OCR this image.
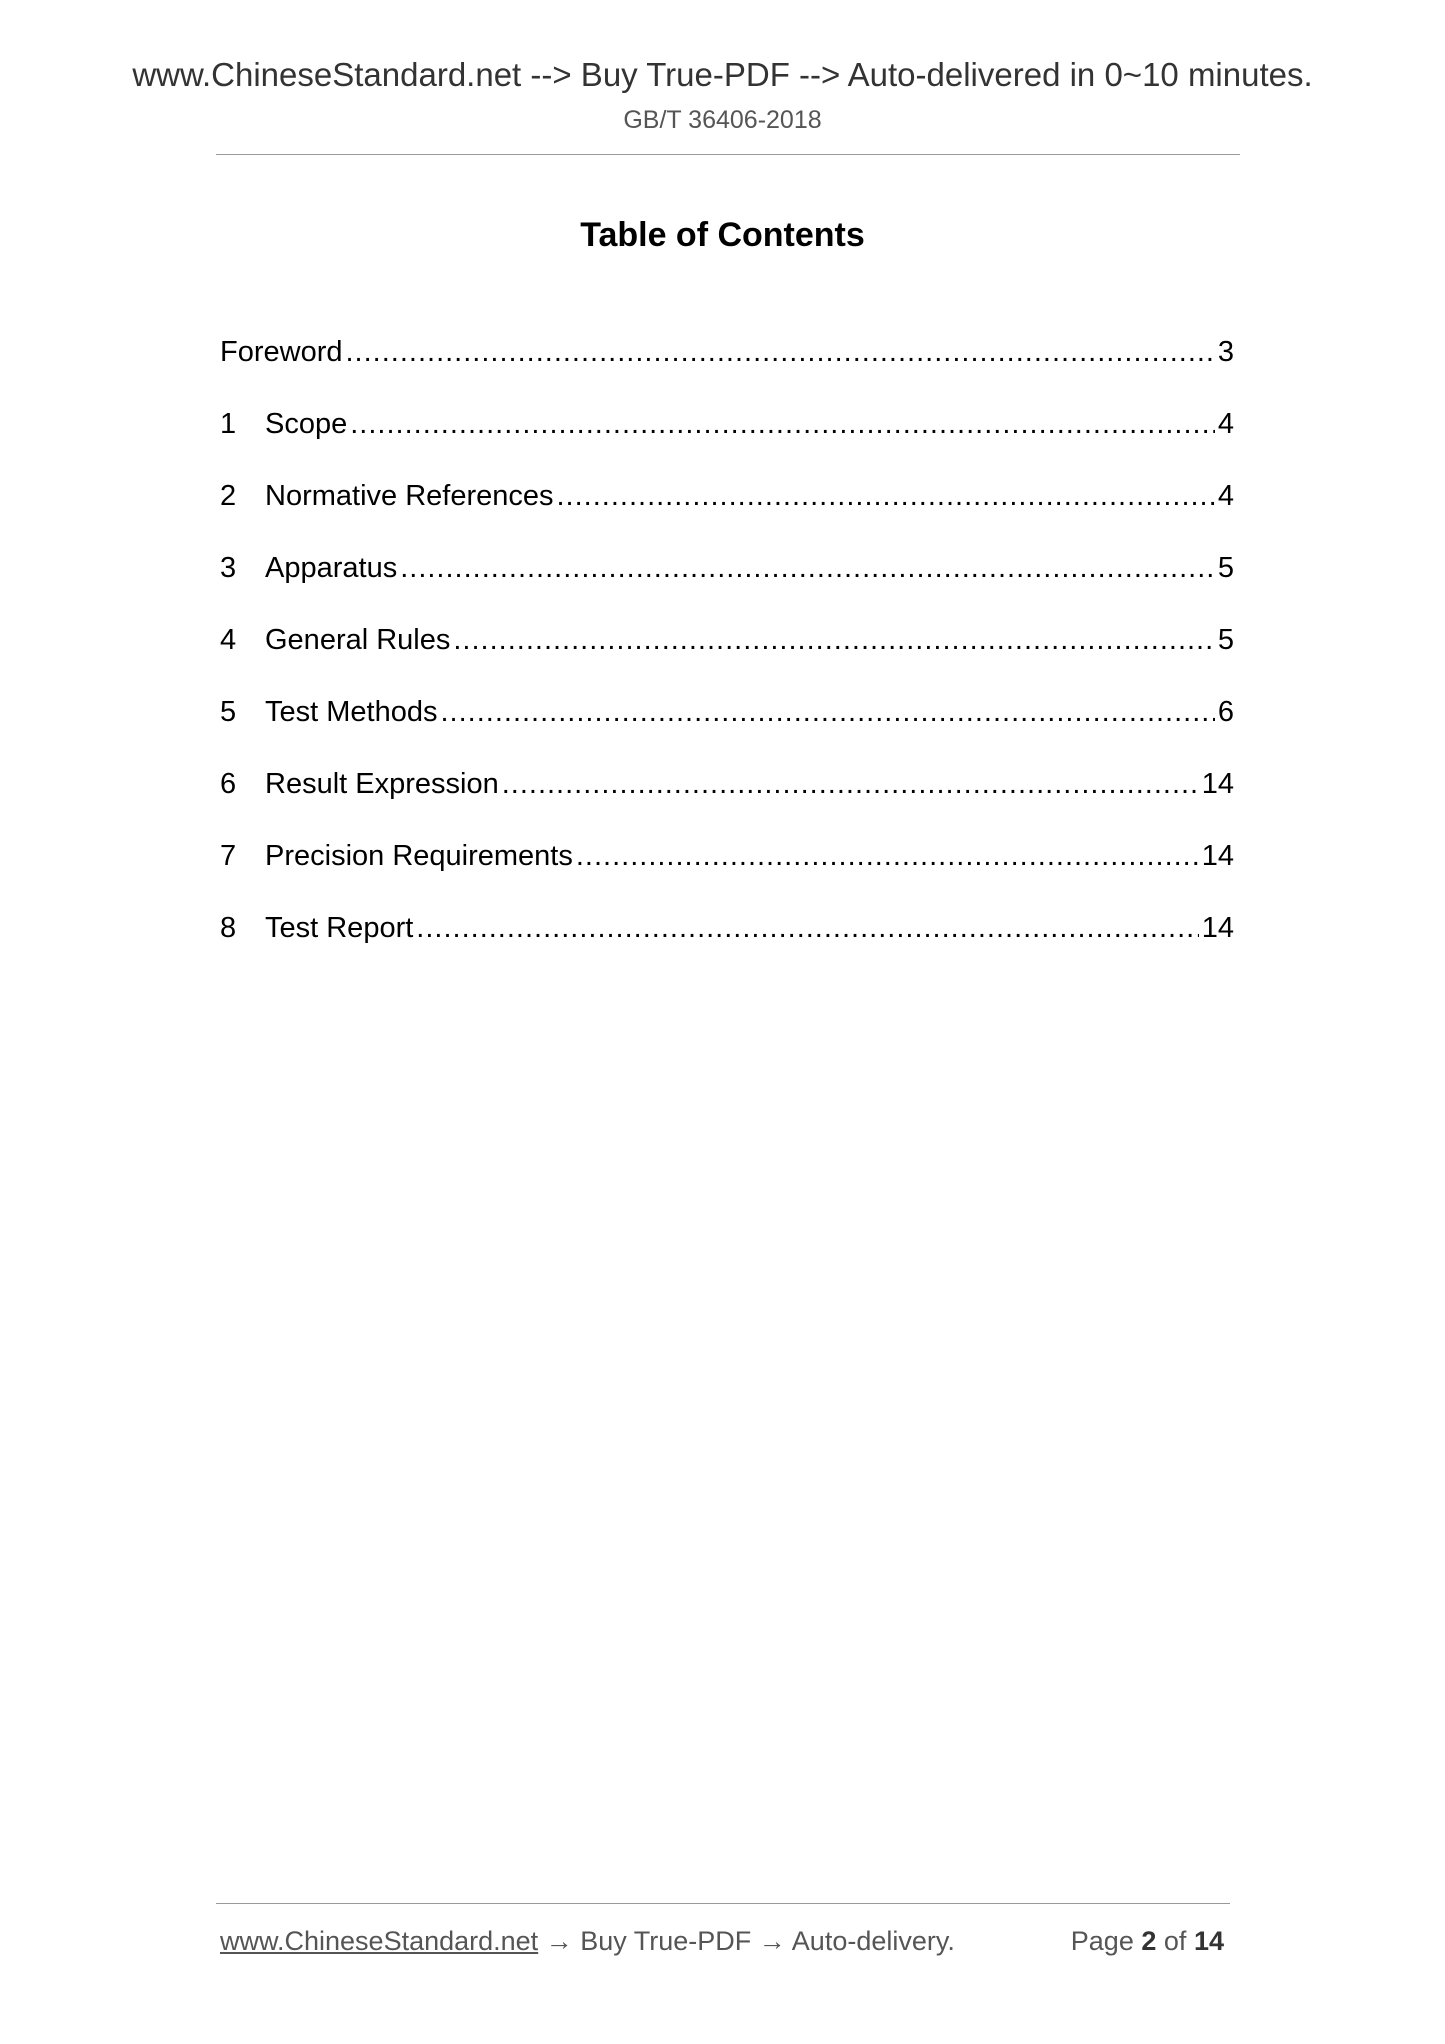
www.ChineseStandard.net --> Buy True-PDF --> Auto-delivered in 0~10 minutes.
GB/T 36406-2018
Table of Contents
Foreword .....	3
1 Scope .....	4
2 Normative References .....	4
3 Apparatus .....	5
4 General Rules .....	5
5 Test Methods .....	6
6 Result Expression .....	14
7 Precision Requirements .....	14
8 Test Report .....	14
www.ChineseStandard.net → Buy True-PDF → Auto-delivery.	Page 2 of 14
